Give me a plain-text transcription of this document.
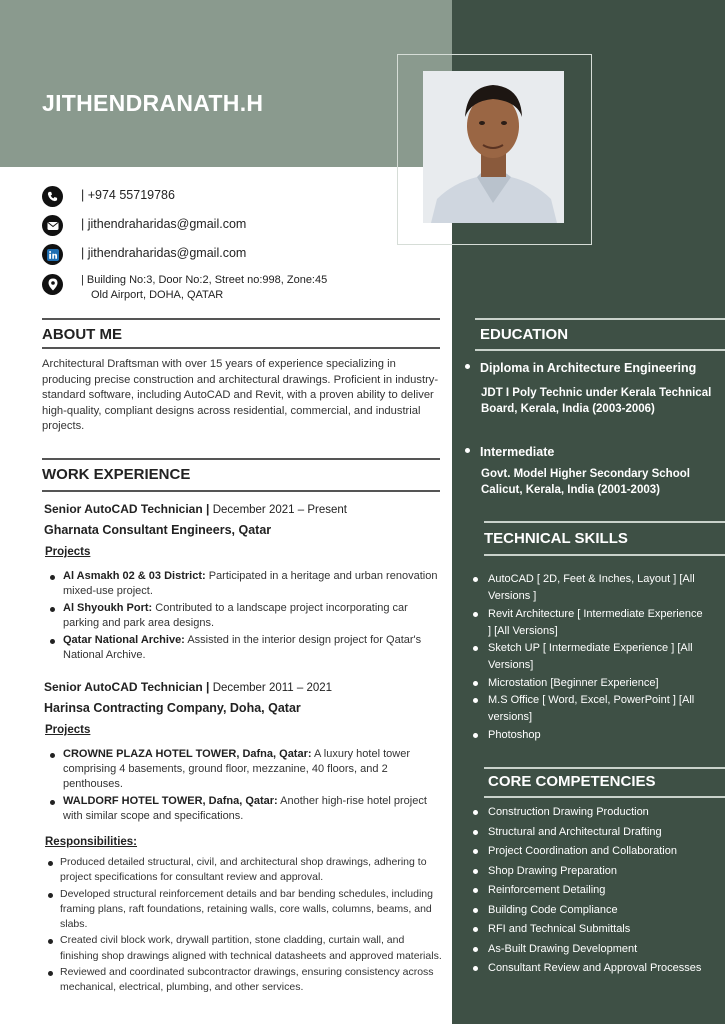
JITHENDRANATH.H
| +974 55719786
| jithendraharidas@gmail.com
| jithendraharidas@gmail.com
| Building No:3, Door No:2, Street no:998, Zone:45
Old Airport, DOHA, QATAR
ABOUT ME
Architectural Draftsman with over 15 years of experience specializing in producing precise construction and architectural drawings. Proficient in industry-standard software, including AutoCAD and Revit, with a proven ability to deliver high-quality, compliant designs across residential, commercial, and industrial projects.
WORK EXPERIENCE
Senior AutoCAD Technician | December 2021 – Present
Gharnata Consultant Engineers, Qatar
Projects
Al Asmakh 02 & 03 District: Participated in a heritage and urban renovation mixed-use project.
Al Shyoukh Port: Contributed to a landscape project incorporating car parking and park area designs.
Qatar National Archive: Assisted in the interior design project for Qatar's National Archive.
Senior AutoCAD Technician | December 2011 – 2021
Harinsa Contracting Company, Doha, Qatar
Projects
CROWNE PLAZA HOTEL TOWER, Dafna, Qatar: A luxury hotel tower comprising 4 basements, ground floor, mezzanine, 40 floors, and 2 penthouses.
WALDORF HOTEL TOWER, Dafna, Qatar: Another high-rise hotel project with similar scope and specifications.
Responsibilities:
Produced detailed structural, civil, and architectural shop drawings, adhering to project specifications for consultant review and approval.
Developed structural reinforcement details and bar bending schedules, including framing plans, raft foundations, retaining walls, core walls, columns, beams, and slabs.
Created civil block work, drywall partition, stone cladding, curtain wall, and finishing shop drawings aligned with technical datasheets and approved materials.
Reviewed and coordinated subcontractor drawings, ensuring consistency across mechanical, electrical, plumbing, and other services.
EDUCATION
Diploma in Architecture Engineering
JDT I Poly Technic under Kerala Technical Board, Kerala, India (2003-2006)
Intermediate
Govt. Model Higher Secondary School Calicut, Kerala, India (2001-2003)
TECHNICAL SKILLS
AutoCAD [ 2D, Feet & Inches, Layout ] [All Versions ]
Revit Architecture [ Intermediate Experience ] [All Versions]
Sketch UP [ Intermediate Experience ] [All Versions]
Microstation [Beginner Experience]
M.S Office [ Word, Excel, PowerPoint ] [All versions]
Photoshop
CORE COMPETENCIES
Construction Drawing Production
Structural and Architectural Drafting
Project Coordination and Collaboration
Shop Drawing Preparation
Reinforcement Detailing
Building Code Compliance
RFI and Technical Submittals
As-Built Drawing Development
Consultant Review and Approval Processes
